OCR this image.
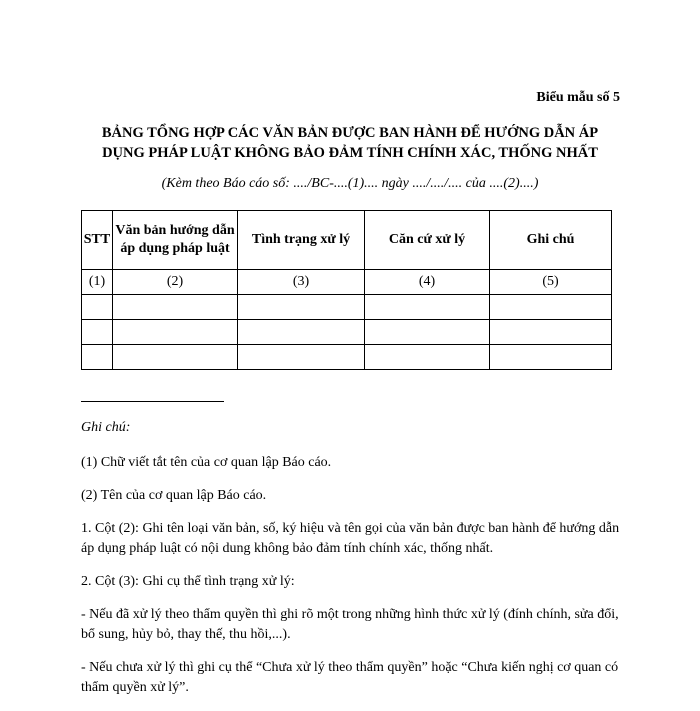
Biểu mẫu số 5
BẢNG TỔNG HỢP CÁC VĂN BẢN ĐƯỢC BAN HÀNH ĐỂ HƯỚNG DẪN ÁP
DỤNG PHÁP LUẬT KHÔNG BẢO ĐẢM TÍNH CHÍNH XÁC, THỐNG NHẤT
(Kèm theo Báo cáo số: ..../BC-....(1).... ngày ..../..../.... của ....(2)....)
STT	Văn bản hướng dẫn áp dụng pháp luật	Tình trạng xử lý	Căn cứ xử lý	Ghi chú
(1)	(2)	(3)	(4)	(5)

Ghi chú:

(1) Chữ viết tắt tên của cơ quan lập Báo cáo.

(2) Tên của cơ quan lập Báo cáo.

1. Cột (2): Ghi tên loại văn bản, số, ký hiệu và tên gọi của văn bản được ban hành để hướng dẫn áp dụng pháp luật có nội dung không bảo đảm tính chính xác, thống nhất.

2. Cột (3): Ghi cụ thể tình trạng xử lý:

- Nếu đã xử lý theo thẩm quyền thì ghi rõ một trong những hình thức xử lý (đính chính, sửa đổi, bổ sung, hủy bỏ, thay thế, thu hồi,...).

- Nếu chưa xử lý thì ghi cụ thể “Chưa xử lý theo thẩm quyền” hoặc “Chưa kiến nghị cơ quan có thẩm quyền xử lý”.
